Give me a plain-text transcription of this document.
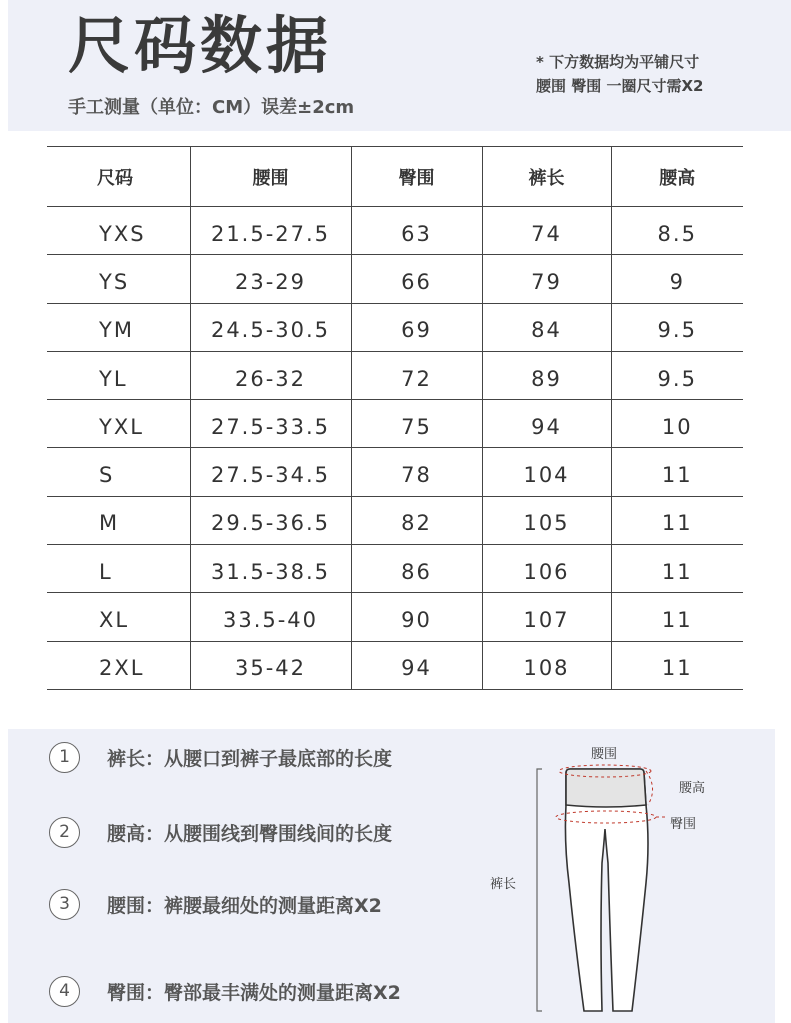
尺码数据
手工测量（单位：CM）误差±2cm
* 下方数据均为平铺尺寸
腰围 臀围 一圈尺寸需X2
尺码	腰围	臀围	裤长	腰高
YXS	21.5-27.5	63	74	8.5
YS	23-29	66	79	9
YM	24.5-30.5	69	84	9.5
YL	26-32	72	89	9.5
YXL	27.5-33.5	75	94	10
S	27.5-34.5	78	104	11
M	29.5-36.5	82	105	11
L	31.5-38.5	86	106	11
XL	33.5-40	90	107	11
2XL	35-42	94	108	11
1	裤长：从腰口到裤子最底部的长度
2	腰高：从腰围线到臀围线间的长度
3	腰围：裤腰最细处的测量距离X2
4	臀围：臀部最丰满处的测量距离X2
腰围
腰高
臀围
裤长
